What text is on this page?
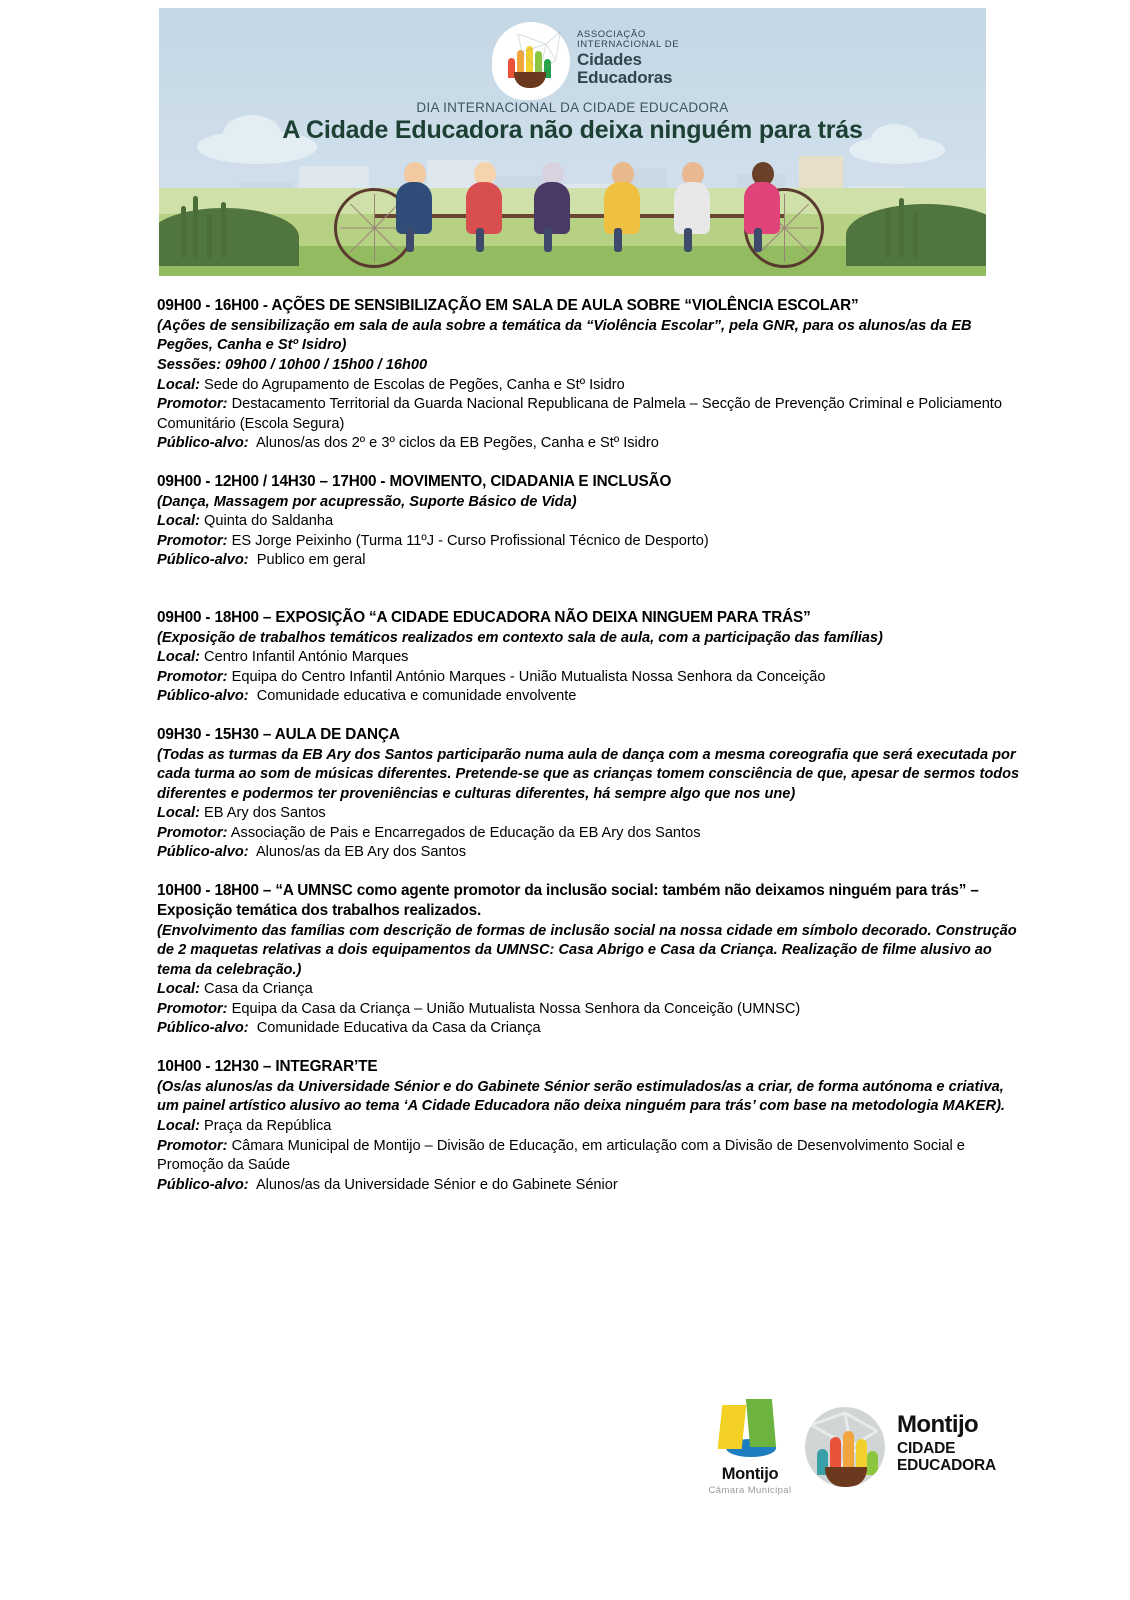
ASSOCIAÇÃO
INTERNACIONAL DE
Cidades
Educadoras
DIA INTERNACIONAL DA CIDADE EDUCADORA
A Cidade Educadora não deixa ninguém para trás

09H00 - 16H00 - AÇÕES DE SENSIBILIZAÇÃO EM SALA DE AULA SOBRE “VIOLÊNCIA ESCOLAR”

(Ações de sensibilização em sala de aula sobre a temática da “Violência Escolar”, pela GNR, para os alunos/as da EB Pegões, Canha e Stº Isidro)

Sessões: 09h00 / 10h00 / 15h00 / 16h00

Local: Sede do Agrupamento de Escolas de Pegões, Canha e Stº Isidro

Promotor: Destacamento Territorial da Guarda Nacional Republicana de Palmela – Secção de Prevenção Criminal e Policiamento Comunitário (Escola Segura)

Público-alvo: Alunos/as dos 2º e 3º ciclos da EB Pegões, Canha e Stº Isidro

09H00 - 12H00 / 14H30 – 17H00 - MOVIMENTO, CIDADANIA E INCLUSÃO

(Dança, Massagem por acupressão, Suporte Básico de Vida)

Local: Quinta do Saldanha

Promotor: ES Jorge Peixinho (Turma 11ºJ - Curso Profissional Técnico de Desporto)

Público-alvo: Publico em geral

09H00 - 18H00 – EXPOSIÇÃO “A CIDADE EDUCADORA NÃO DEIXA NINGUEM PARA TRÁS”

(Exposição de trabalhos temáticos realizados em contexto sala de aula, com a participação das famílias)

Local: Centro Infantil António Marques

Promotor: Equipa do Centro Infantil António Marques - União Mutualista Nossa Senhora da Conceição

Público-alvo: Comunidade educativa e comunidade envolvente

09H30 - 15H30 – AULA DE DANÇA

(Todas as turmas da EB Ary dos Santos participarão numa aula de dança com a mesma coreografia que será executada por cada turma ao som de músicas diferentes. Pretende-se que as crianças tomem consciência de que, apesar de sermos todos diferentes e podermos ter proveniências e culturas diferentes, há sempre algo que nos une)

Local: EB Ary dos Santos

Promotor: Associação de Pais e Encarregados de Educação da EB Ary dos Santos

Público-alvo: Alunos/as da EB Ary dos Santos

10H00 - 18H00 – “A UMNSC como agente promotor da inclusão social: também não deixamos ninguém para trás” – Exposição temática dos trabalhos realizados.

(Envolvimento das famílias com descrição de formas de inclusão social na nossa cidade em símbolo decorado. Construção de 2 maquetas relativas a dois equipamentos da UMNSC: Casa Abrigo e Casa da Criança. Realização de filme alusivo ao tema da celebração.)

Local: Casa da Criança

Promotor: Equipa da Casa da Criança – União Mutualista Nossa Senhora da Conceição (UMNSC)

Público-alvo: Comunidade Educativa da Casa da Criança

10H00 - 12H30 – INTEGRAR’TE

(Os/as alunos/as da Universidade Sénior e do Gabinete Sénior serão estimulados/as a criar, de forma autónoma e criativa, um painel artístico alusivo ao tema ‘A Cidade Educadora não deixa ninguém para trás’ com base na metodologia MAKER).

Local: Praça da República

Promotor: Câmara Municipal de Montijo – Divisão de Educação, em articulação com a Divisão de Desenvolvimento Social e Promoção da Saúde

Público-alvo: Alunos/as da Universidade Sénior e do Gabinete Sénior

Montijo
Câmara Municipal
Montijo
CIDADE
EDUCADORA
